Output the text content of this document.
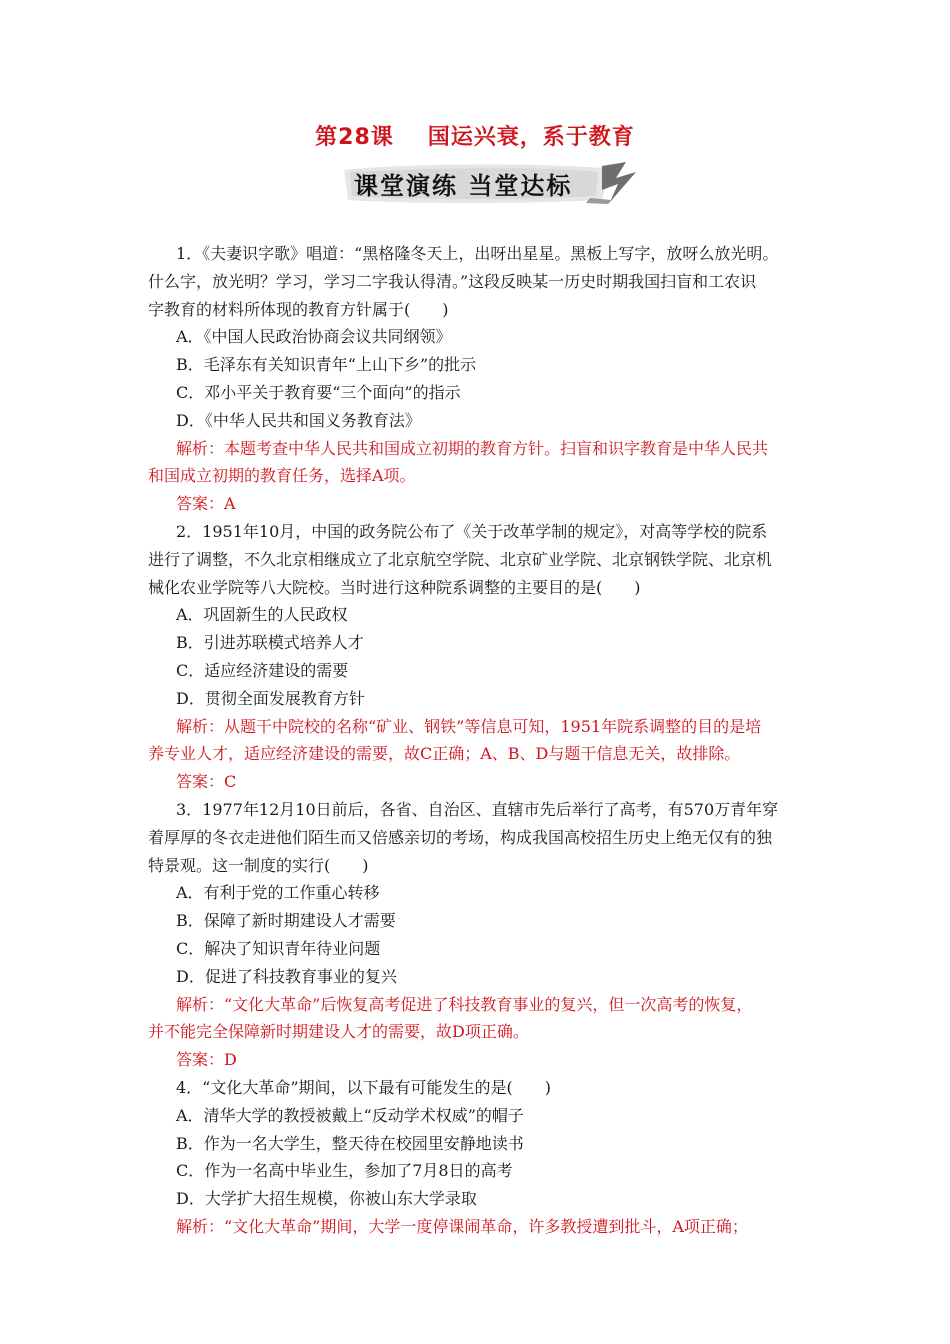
第28课 国运兴衰，系于教育
课堂演练 当堂达标
1．《夫妻识字歌》唱道：“黑格隆冬天上，出呀出星星。黑板上写字，放呀么放光明。
什么字，放光明？学习，学习二字我认得清。”这段反映某一历史时期我国扫盲和工农识
字教育的材料所体现的教育方针属于(　　)
A．《中国人民政治协商会议共同纲领》
B．毛泽东有关知识青年“上山下乡”的批示
C．邓小平关于教育要“三个面向”的指示
D．《中华人民共和国义务教育法》
解析：本题考查中华人民共和国成立初期的教育方针。扫盲和识字教育是中华人民共
和国成立初期的教育任务，选择A项。
答案：A
2．1951年10月，中国的政务院公布了《关于改革学制的规定》，对高等学校的院系
进行了调整，不久北京相继成立了北京航空学院、北京矿业学院、北京钢铁学院、北京机
械化农业学院等八大院校。当时进行这种院系调整的主要目的是(　　)
A．巩固新生的人民政权
B．引进苏联模式培养人才
C．适应经济建设的需要
D．贯彻全面发展教育方针
解析：从题干中院校的名称“矿业、钢铁”等信息可知，1951年院系调整的目的是培
养专业人才，适应经济建设的需要，故C正确；A、B、D与题干信息无关，故排除。
答案：C
3．1977年12月10日前后，各省、自治区、直辖市先后举行了高考，有570万青年穿
着厚厚的冬衣走进他们陌生而又倍感亲切的考场，构成我国高校招生历史上绝无仅有的独
特景观。这一制度的实行(　　)
A．有利于党的工作重心转移
B．保障了新时期建设人才需要
C．解决了知识青年待业问题
D．促进了科技教育事业的复兴
解析：“文化大革命”后恢复高考促进了科技教育事业的复兴，但一次高考的恢复，
并不能完全保障新时期建设人才的需要，故D项正确。
答案：D
4．“文化大革命”期间，以下最有可能发生的是(　　)
A．清华大学的教授被戴上“反动学术权威”的帽子
B．作为一名大学生，整天待在校园里安静地读书
C．作为一名高中毕业生，参加了7月8日的高考
D．大学扩大招生规模，你被山东大学录取
解析：“文化大革命”期间，大学一度停课闹革命，许多教授遭到批斗，A项正确；
